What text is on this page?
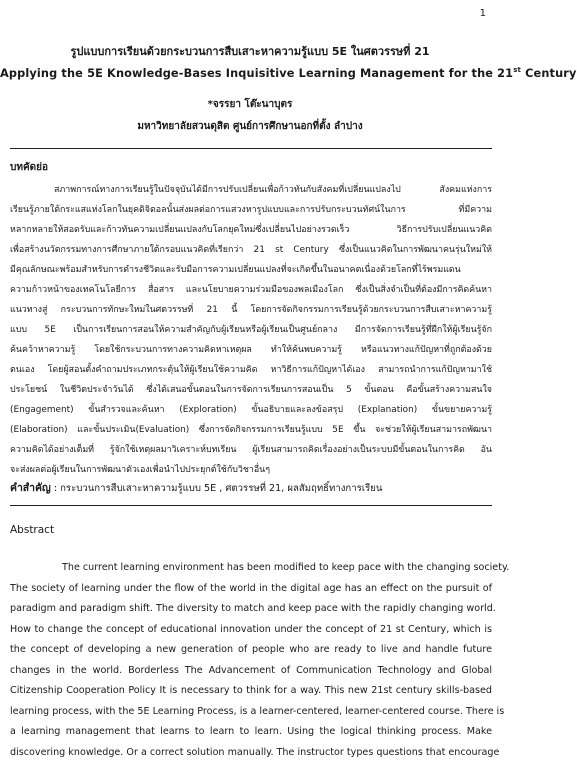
1
รูปแบบการเรียนด้วยกระบวนการสืบเสาะหาความรู้แบบ 5E ในศตวรรษที่ 21
Applying the 5E Knowledge-Bases Inquisitive Learning Management for the 21st Century
*จรรยา โต๊ะนาบุตร
มหาวิทยาลัยสวนดุสิต ศูนย์การศึกษานอกที่ตั้ง ลำปาง
บทคัดย่อ
สภาพการณ์ทางการเรียนรู้ในปัจจุบันได้มีการปรับเปลี่ยนเพื่อก้าวทันกับสังคมที่เปลี่ยนแปลงไป สังคมแห่งการ
เรียนรู้ภายใต้กระแสแห่งโลกในยุคดิจิตอลนั้นส่งผลต่อการแสวงหารูปแบบและการปรับกระบวนทัศน์ในการ ที่มีความ
หลากหลายให้สอดรับและก้าวทันความเปลี่ยนแปลงกับโลกยุคใหม่ซึ่งเปลี่ยนไปอย่างรวดเร็ว วิธีการปรับเปลี่ยนแนวคิด
เพื่อสร้างนวัตกรรมทางการศึกษาภายใต้กรอบแนวคิดที่เรียกว่า 21 st Century ซึ่งเป็นแนวคิดในการพัฒนาคนรุ่นใหม่ให้
มีคุณลักษณะพร้อมสำหรับการดำรงชีวิตและรับมือการความเปลี่ยนแปลงที่จะเกิดขึ้นในอนาคตเนื่องด้วยโลกที่ไร้พรมแดน
ความก้าวหน้าของเทคโนโลยีการ สื่อสาร และนโยบายความร่วมมือของพลเมืองโลก ซึ่งเป็นสิ่งจำเป็นที่ต้องมีการคิดค้นหา
แนวทางสู่ กระบวนการทักษะใหม่ในศตวรรษที่ 21 นี้ โดยการจัดกิจกรรมการเรียนรู้ด้วยกระบวนการสืบเสาะหาความรู้
แบบ 5E เป็นการเรียนการสอนให้ความสำคัญกับผู้เรียนหรือผู้เรียนเป็นศูนย์กลาง มีการจัดการเรียนรู้ที่ฝึกให้ผู้เรียนรู้จัก
ค้นคว้าหาความรู้ โดยใช้กระบวนการทางความคิดหาเหตุผล ทำให้ค้นพบความรู้ หรือแนวทางแก้ปัญหาที่ถูกต้องด้วย
ตนเอง โดยผู้สอนตั้งคำถามประเภทกระตุ้นให้ผู้เรียนใช้ความคิด หาวิธีการแก้ปัญหาได้เอง สามารถนำการแก้ปัญหามาใช้
ประโยชน์ ในชีวิตประจำวันได้ ซึ่งได้เสนอขั้นตอนในการจัดการเรียนการสอนเป็น 5 ขั้นตอน คือขั้นสร้างความสนใจ
(Engagement) ขั้นสำรวจและค้นหา (Exploration) ขั้นอธิบายและลงข้อสรุป (Explanation) ขั้นขยายความรู้
(Elaboration) และขั้นประเมิน(Evaluation) ซึ่งการจัดกิจกรรมการเรียนรู้แบบ 5E ขึ้น จะช่วยให้ผู้เรียนสามารถพัฒนา
ความคิดได้อย่างเต็มที่ รู้จักใช้เหตุผลมาวิเคราะห์บทเรียน ผู้เรียนสามารถคิดเรื่องอย่างเป็นระบบมีขั้นตอนในการคิด อัน
จะส่งผลต่อผู้เรียนในการพัฒนาตัวเองเพื่อนำไปประยุกต์ใช้กับวิชาอื่นๆ
คำสำคัญ : กระบวนการสืบเสาะหาความรู้แบบ 5E , ศตวรรษที่ 21, ผลสัมฤทธิ์ทางการเรียน
Abstract
The current learning environment has been modified to keep pace with the changing society.
The society of learning under the flow of the world in the digital age has an effect on the pursuit of
paradigm and paradigm shift. The diversity to match and keep pace with the rapidly changing world.
How to change the concept of educational innovation under the concept of 21 st Century, which is
the concept of developing a new generation of people who are ready to live and handle future
changes in the world. Borderless The Advancement of Communication Technology and Global
Citizenship Cooperation Policy It is necessary to think for a way. This new 21st century skills-based
learning process, with the 5E Learning Process, is a learner-centered, learner-centered course. There is
a learning management that learns to learn to learn. Using the logical thinking process. Make
discovering knowledge. Or a correct solution manually. The instructor types questions that encourage
